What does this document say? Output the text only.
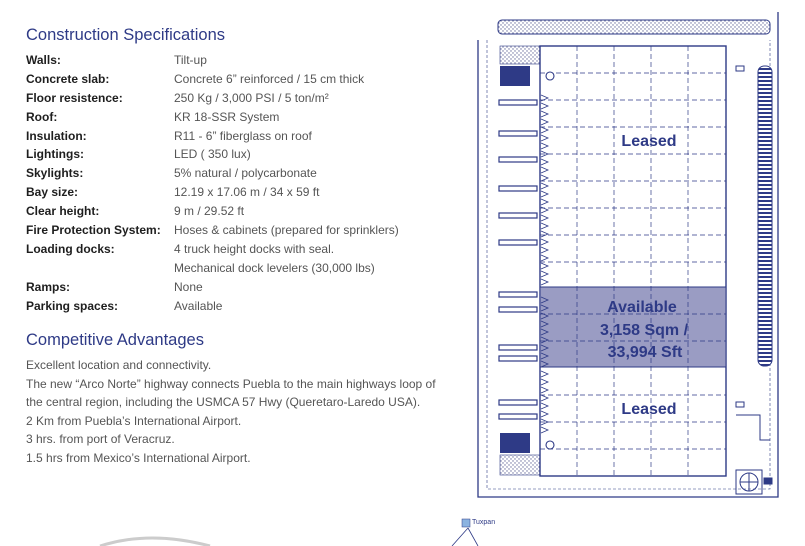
Construction Specifications
Walls:	Tilt-up
Concrete slab:	Concrete 6” reinforced / 15 cm thick
Floor resistence:	250 Kg / 3,000 PSI / 5 ton/m²
Roof:	KR 18-SSR System
Insulation:	R11 - 6” fiberglass on roof
Lightings:	LED ( 350 lux)
Skylights:	5% natural / polycarbonate
Bay size:	12.19 x 17.06 m / 34 x 59 ft
Clear height:	9 m / 29.52 ft
Fire Protection System: Hoses & cabinets (prepared for sprinklers)
Loading docks:	4 truck height docks with seal.
Mechanical dock levelers (30,000 lbs)
Ramps:	None
Parking spaces:	Available
Competitive Advantages
Excellent location and connectivity.
The new “Arco Norte” highway connects Puebla to the main highways loop of
the central region, including the USMCA 57 Hwy (Queretaro-Laredo USA).
2 Km from Puebla’s International Airport.
3 hrs. from port of Veracruz.
1.5 hrs from Mexico’s International Airport.
Leased
Available
3,158 Sqm /
33,994 Sft
Leased
Tuxpan
